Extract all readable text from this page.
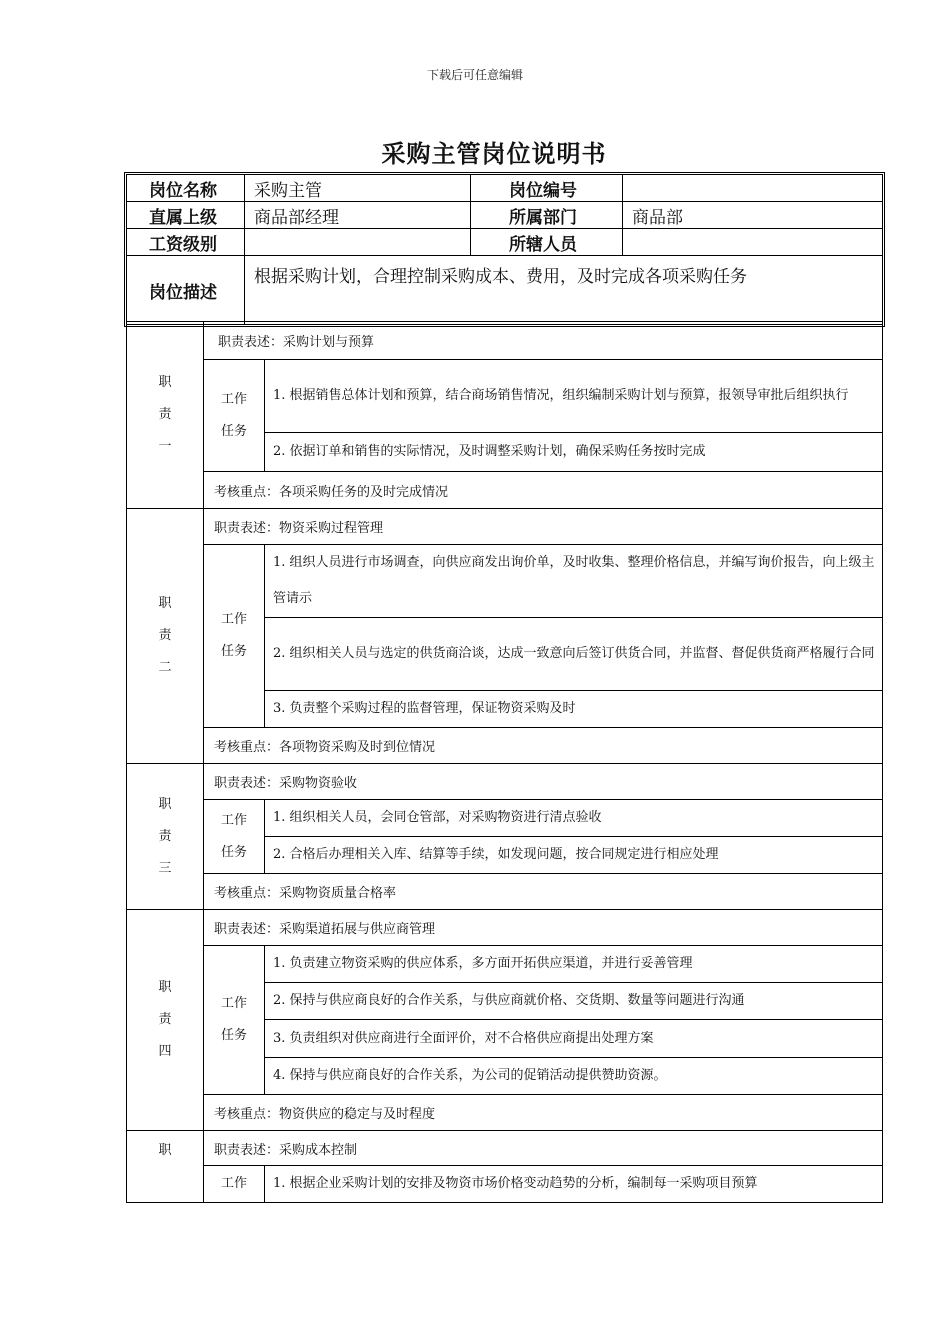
下载后可任意编辑
采购主管岗位说明书
岗位名称	采购主管	岗位编号	
直属上级	商品部经理	所属部门	商品部
工资级别		所辖人员	
岗位描述	根据采购计划，合理控制采购成本、费用，及时完成各项采购任务		
职
责
一	职责表述：采购计划与预算	

	工作
任务	1. 根据销售总体计划和预算，结合商场销售情况，组织编制采购计划与预算，报领导审批后组织执行
		2. 依据订单和销售的实际情况，及时调整采购计划，确保采购任务按时完成
	考核重点：各项采购任务的及时完成情况	

职
责
二	职责表述：物资采购过程管理	

	工作
任务	1. 组织人员进行市场调查，向供应商发出询价单，及时收集、整理价格信息，并编写询价报告，向上级主管请示
		2. 组织相关人员与选定的供货商洽谈，达成一致意向后签订供货合同，并监督、督促供货商严格履行合同
		3. 负责整个采购过程的监督管理，保证物资采购及时
	考核重点：各项物资采购及时到位情况	

职
责
三	职责表述：采购物资验收	

	工作
任务	1. 组织相关人员，会同仓管部，对采购物资进行清点验收
		2. 合格后办理相关入库、结算等手续，如发现问题，按合同规定进行相应处理
	考核重点：采购物资质量合格率	

职
责
四	职责表述：采购渠道拓展与供应商管理	

	工作
任务	1. 负责建立物资采购的供应体系，多方面开拓供应渠道，并进行妥善管理
		2. 保持与供应商良好的合作关系，与供应商就价格、交货期、数量等问题进行沟通
		3. 负责组织对供应商进行全面评价，对不合格供应商提出处理方案
		4. 保持与供应商良好的合作关系，为公司的促销活动提供赞助资源。
	考核重点：物资供应的稳定与及时程度	

职	职责表述：采购成本控制	
	工作	1. 根据企业采购计划的安排及物资市场价格变动趋势的分析，编制每一采购项目预算
